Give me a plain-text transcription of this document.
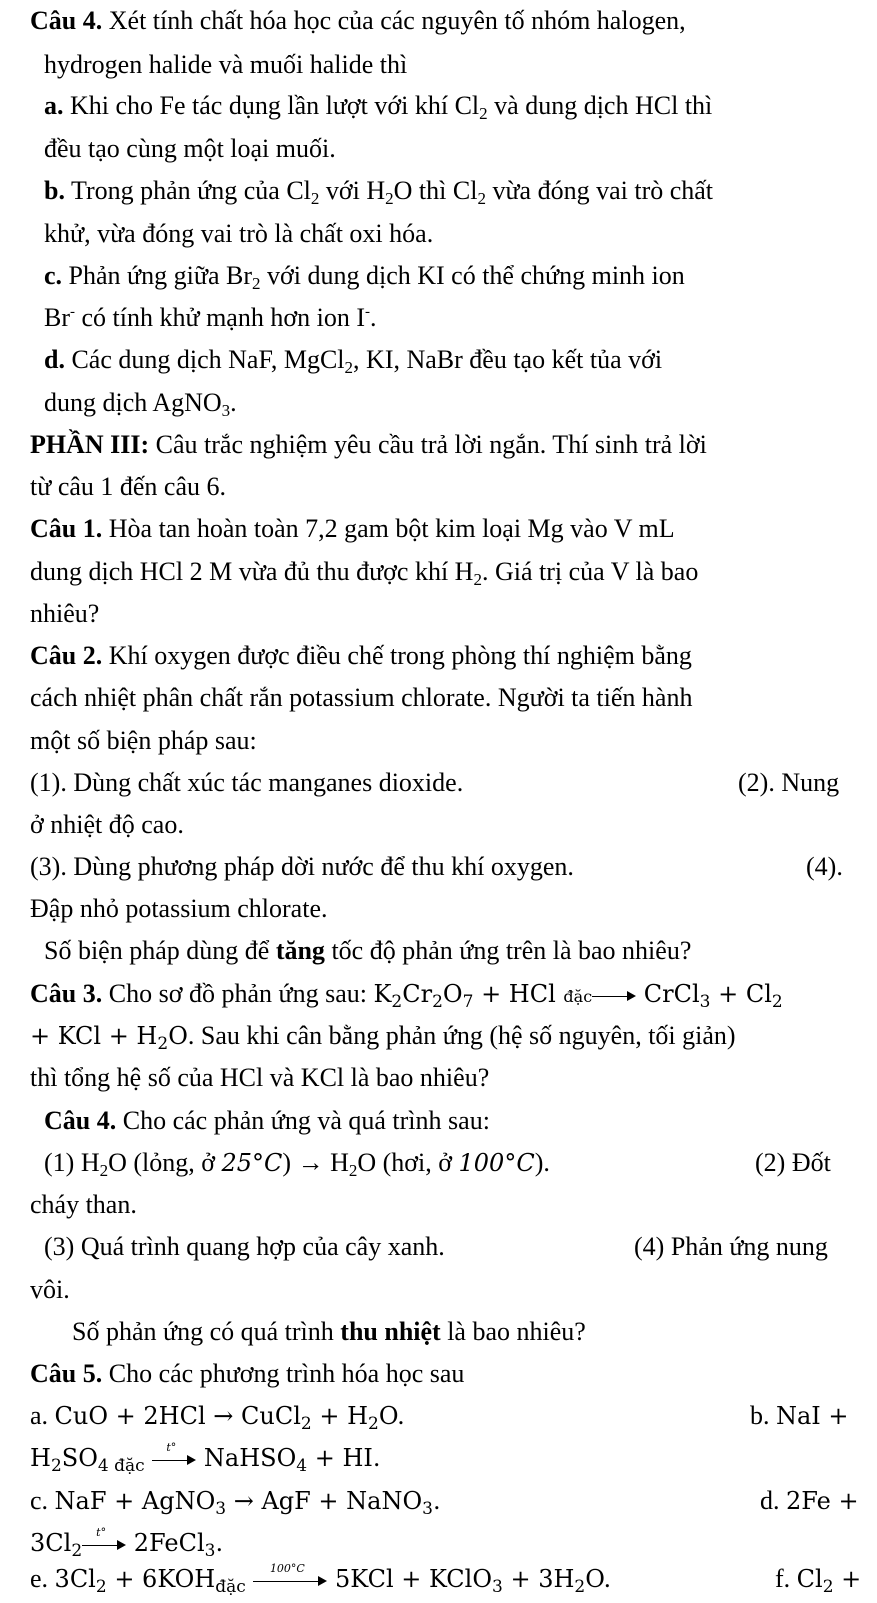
Câu 4. Xét tính chất hóa học của các nguyên tố nhóm halogen,
hydrogen halide và muối halide thì
a. Khi cho Fe tác dụng lần lượt với khí $Cl_2$ và dung dịch HCl thì
đều tạo cùng một loại muối.
b. Trong phản ứng của $Cl_2$ với $H_2O$ thì $Cl_2$ vừa đóng vai trò chất
khử, vừa đóng vai trò là chất oxi hóa.
c. Phản ứng giữa $Br_2$ với dung dịch KI có thể chứng minh ion
Br- có tính khử mạnh hơn ion I-.
d. Các dung dịch NaF, MgCl$_2$, KI, NaBr đều tạo kết tủa với
dung dịch AgNO$_3$.
PHẦN III: Câu trắc nghiệm yêu cầu trả lời ngắn. Thí sinh trả lời
từ câu 1 đến câu 6.
Câu 1. Hòa tan hoàn toàn 7,2 gam bột kim loại Mg vào V mL
dung dịch HCl 2 M vừa đủ thu được khí $H_2$. Giá trị của V là bao
nhiêu?
Câu 2. Khí oxygen được điều chế trong phòng thí nghiệm bằng
cách nhiệt phân chất rắn potassium chlorate. Người ta tiến hành
một số biện pháp sau:
(1). Dùng chất xúc tác manganes dioxide.	(2). Nung
ở nhiệt độ cao.
(3). Dùng phương pháp dời nước để thu khí oxygen.	(4).
Đập nhỏ potassium chlorate.
Số biện pháp dùng để tăng tốc độ phản ứng trên là bao nhiêu?
Câu 3. Cho sơ đồ phản ứng sau: $K_2Cr_2O_7$ + HCl đặc CrCl$_3$ + $Cl_2$
+ KCl + $H_2O$. Sau khi cân bằng phản ứng (hệ số nguyên, tối giản)
thì tổng hệ số của HCl và KCl là bao nhiêu?
Câu 4. Cho các phản ứng và quá trình sau:
(1) $H_2O$ (lỏng, ở $25^\circ C) \to H_2O$ (hơi, ở 100°C).	(2) Đốt
cháy than.
(3) Quá trình quang hợp của cây xanh.	(4) Phản ứng nung
vôi.
Số phản ứng có quá trình thu nhiệt là bao nhiêu?
Câu 5. Cho các phương trình hóa học sau
a. CuO + 2HCl → CuCl$_2$ + $H_2O$.	b. NaI +
$H_2SO_{4 đặc}$
t° NaHSO$_4$ + HI.
c. NaF + AgNO$_3$ → AgF + NaNO$_3$.	d. 2Fe +
$3Cl_2$
t° 2FeCl$_3$.
e. $3Cl_2 + 6KOH_{đặc}$
100°C 5KCl + KClO$_3$ + $3H_2O$.	f. $Cl_2$ +
